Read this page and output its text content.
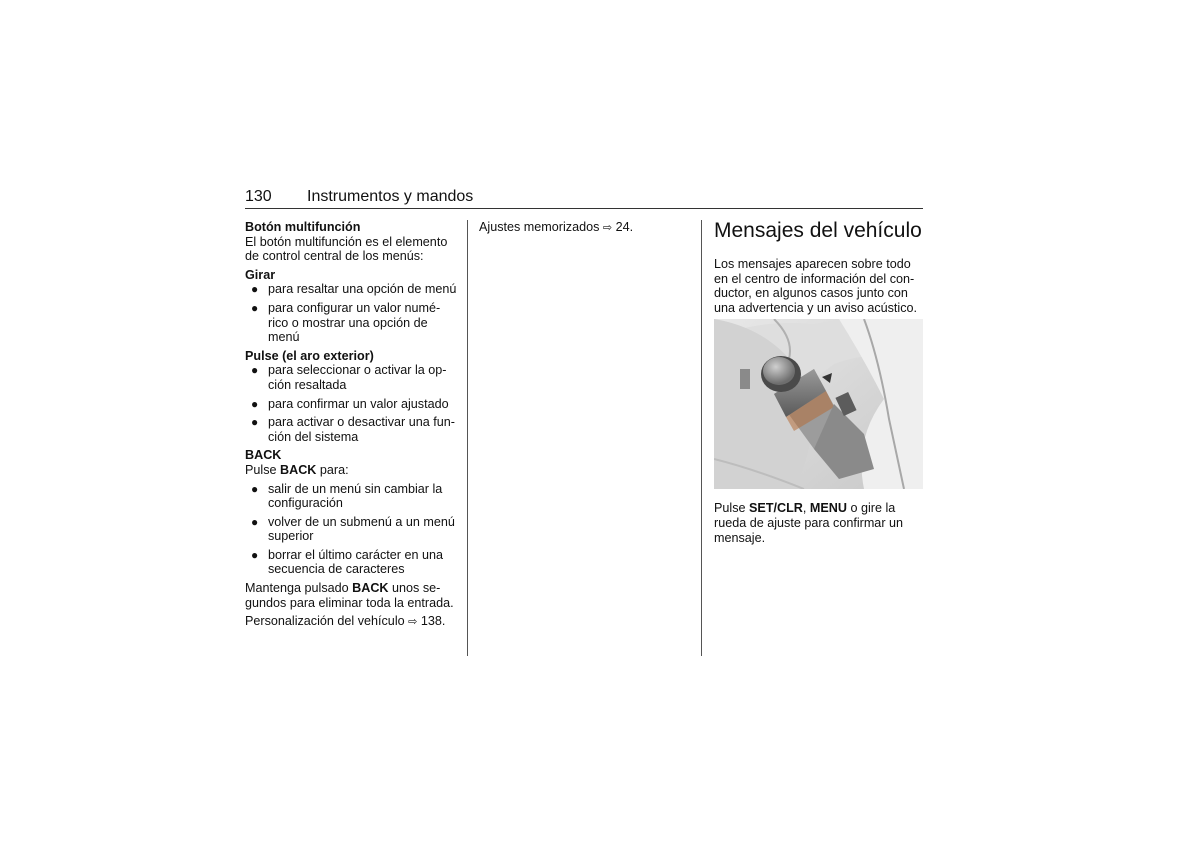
130 Instrumentos y mandos

Botón multifunción

El botón multifunción es el elemento de control central de los menús:

Girar

● para resaltar una opción de menú
● para configurar un valor numé-rico o mostrar una opción de menú

Pulse (el aro exterior)

● para seleccionar o activar la op-ción resaltada
● para confirmar un valor ajustado
● para activar o desactivar una fun-ción del sistema

BACK

Pulse BACK para:

● salir de un menú sin cambiar la configuración
● volver de un submenú a un menú superior
● borrar el último carácter en una secuencia de caracteres

Mantenga pulsado BACK unos se-gundos para eliminar toda la entrada.

Personalización del vehículo ⇨ 138.

Ajustes memorizados ⇨ 24.	Mensajes del vehículo

Los mensajes aparecen sobre todo en el centro de información del con-ductor, en algunos casos junto con una advertencia y un aviso acústico.

Pulse SET/CLR, MENU o gire la rueda de ajuste para confirmar un mensaje.
